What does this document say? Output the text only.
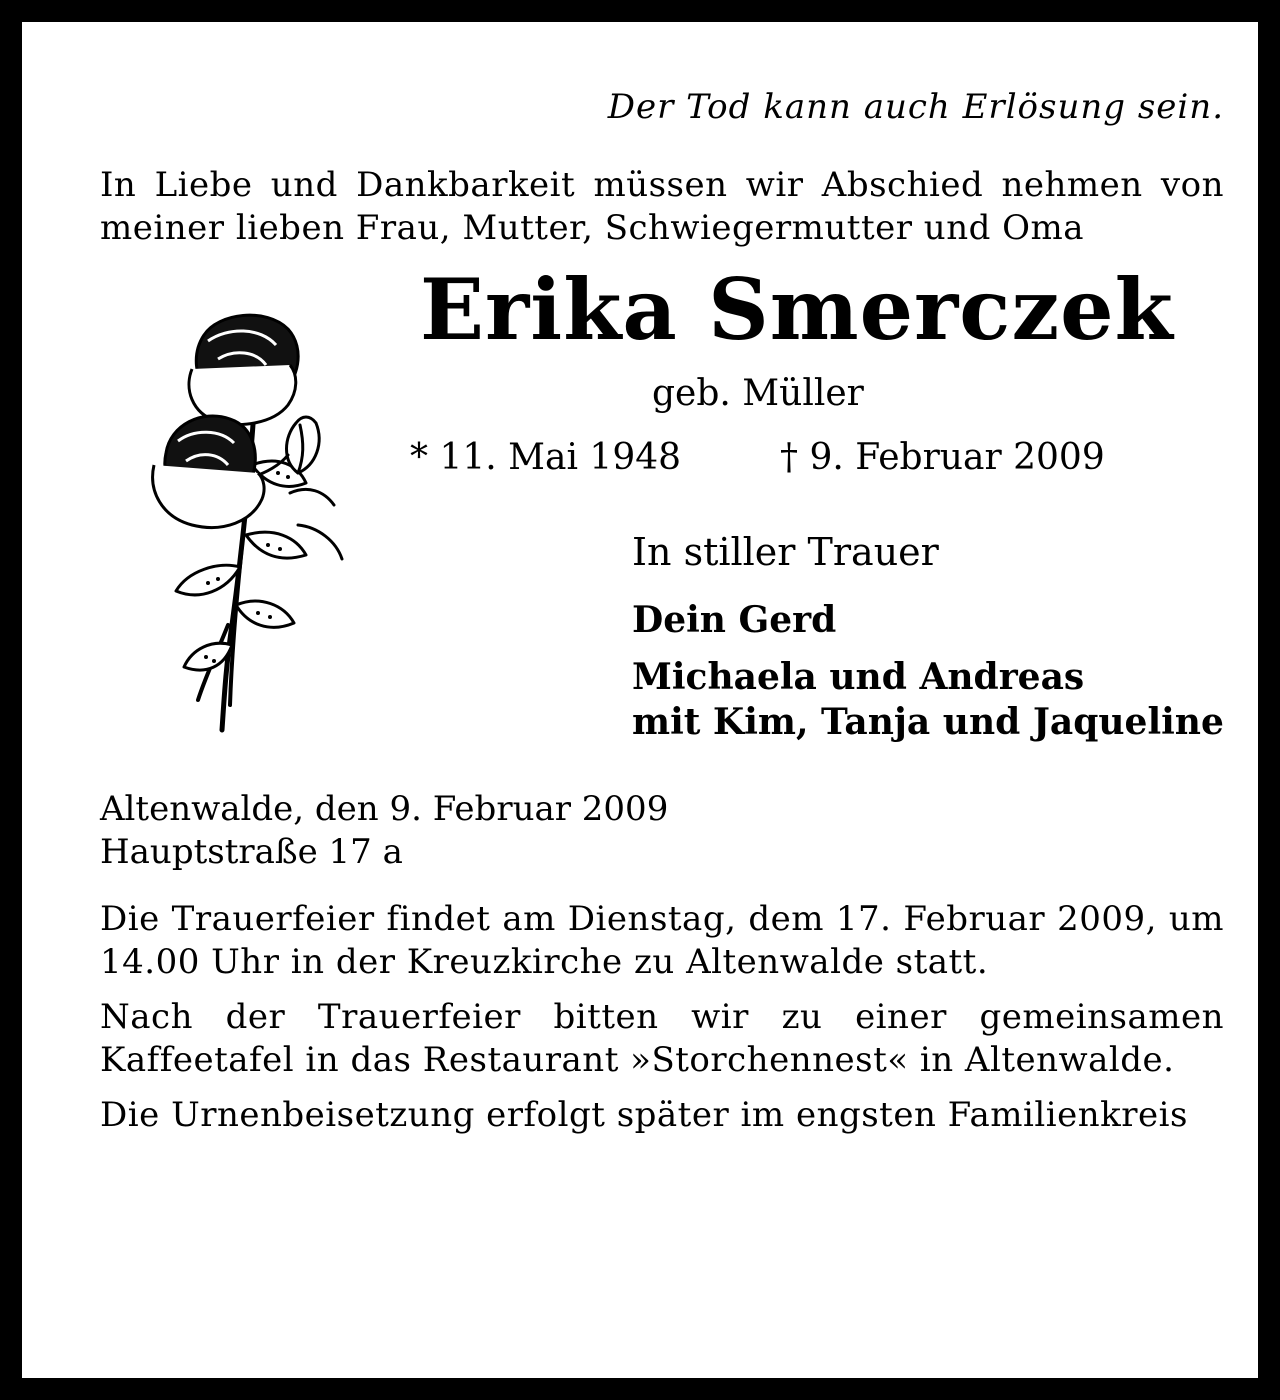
Der Tod kann auch Erlösung sein.

In Liebe und Dankbarkeit müssen wir Abschied nehmen von meiner lieben Frau, Mutter, Schwiegermutter und Oma

Erika Smerczek

geb. Müller

* 11. Mai 1948	† 9. Februar 2009

In stiller Trauer

Dein Gerd
Michaela und Andreas
mit Kim, Tanja und Jaqueline

Altenwalde, den 9. Februar 2009

Hauptstraße 17 a

Die Trauerfeier findet am Dienstag, dem 17. Februar 2009, um 14.00 Uhr in der Kreuzkirche zu Altenwalde statt.

Nach der Trauerfeier bitten wir zu einer gemeinsamen Kaffeetafel in das Restaurant »Storchennest« in Altenwalde.

Die Urnenbeisetzung erfolgt später im engsten Familienkreis
